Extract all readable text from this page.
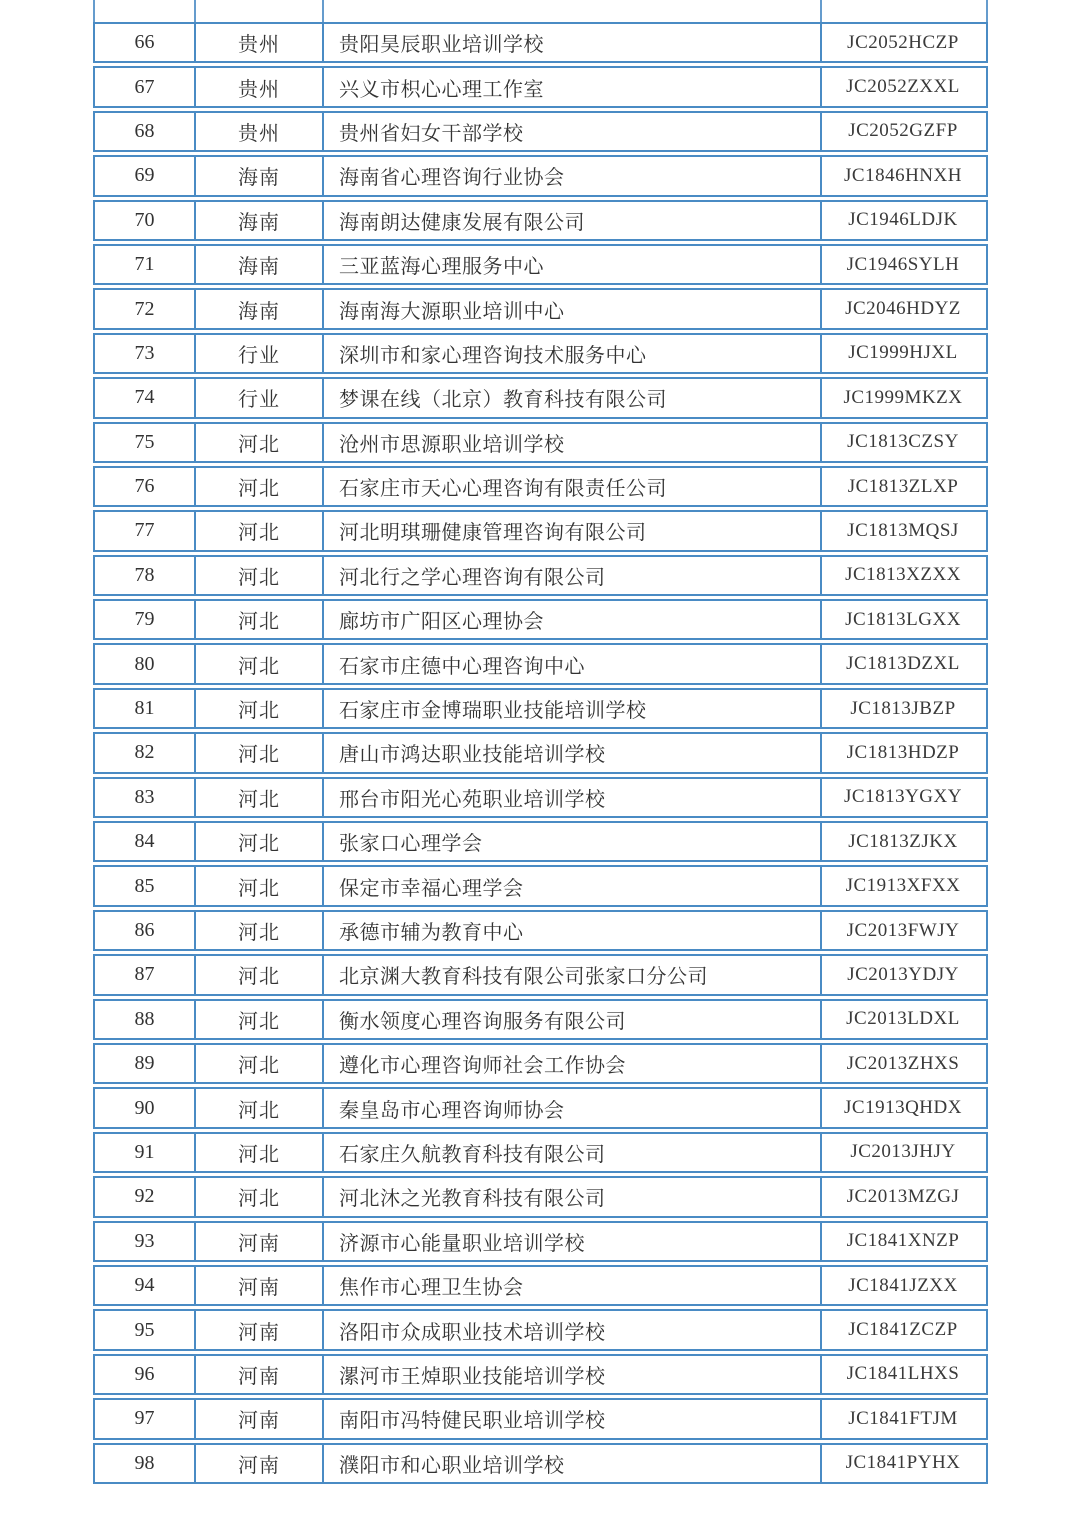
66	贵州	贵阳昊辰职业培训学校	JC2052HCZP
67	贵州	兴义市枳心心理工作室	JC2052ZXXL
68	贵州	贵州省妇女干部学校	JC2052GZFP
69	海南	海南省心理咨询行业协会	JC1846HNXH
70	海南	海南朗达健康发展有限公司	JC1946LDJK
71	海南	三亚蓝海心理服务中心	JC1946SYLH
72	海南	海南海大源职业培训中心	JC2046HDYZ
73	行业	深圳市和家心理咨询技术服务中心	JC1999HJXL
74	行业	梦课在线（北京）教育科技有限公司	JC1999MKZX
75	河北	沧州市思源职业培训学校	JC1813CZSY
76	河北	石家庄市天心心理咨询有限责任公司	JC1813ZLXP
77	河北	河北明琪珊健康管理咨询有限公司	JC1813MQSJ
78	河北	河北行之学心理咨询有限公司	JC1813XZXX
79	河北	廊坊市广阳区心理协会	JC1813LGXX
80	河北	石家市庄德中心理咨询中心	JC1813DZXL
81	河北	石家庄市金博瑞职业技能培训学校	JC1813JBZP
82	河北	唐山市鸿达职业技能培训学校	JC1813HDZP
83	河北	邢台市阳光心苑职业培训学校	JC1813YGXY
84	河北	张家口心理学会	JC1813ZJKX
85	河北	保定市幸福心理学会	JC1913XFXX
86	河北	承德市辅为教育中心	JC2013FWJY
87	河北	北京渊大教育科技有限公司张家口分公司	JC2013YDJY
88	河北	衡水领度心理咨询服务有限公司	JC2013LDXL
89	河北	遵化市心理咨询师社会工作协会	JC2013ZHXS
90	河北	秦皇岛市心理咨询师协会	JC1913QHDX
91	河北	石家庄久航教育科技有限公司	JC2013JHJY
92	河北	河北沐之光教育科技有限公司	JC2013MZGJ
93	河南	济源市心能量职业培训学校	JC1841XNZP
94	河南	焦作市心理卫生协会	JC1841JZXX
95	河南	洛阳市众成职业技术培训学校	JC1841ZCZP
96	河南	漯河市王焯职业技能培训学校	JC1841LHXS
97	河南	南阳市冯特健民职业培训学校	JC1841FTJM
98	河南	濮阳市和心职业培训学校	JC1841PYHX
